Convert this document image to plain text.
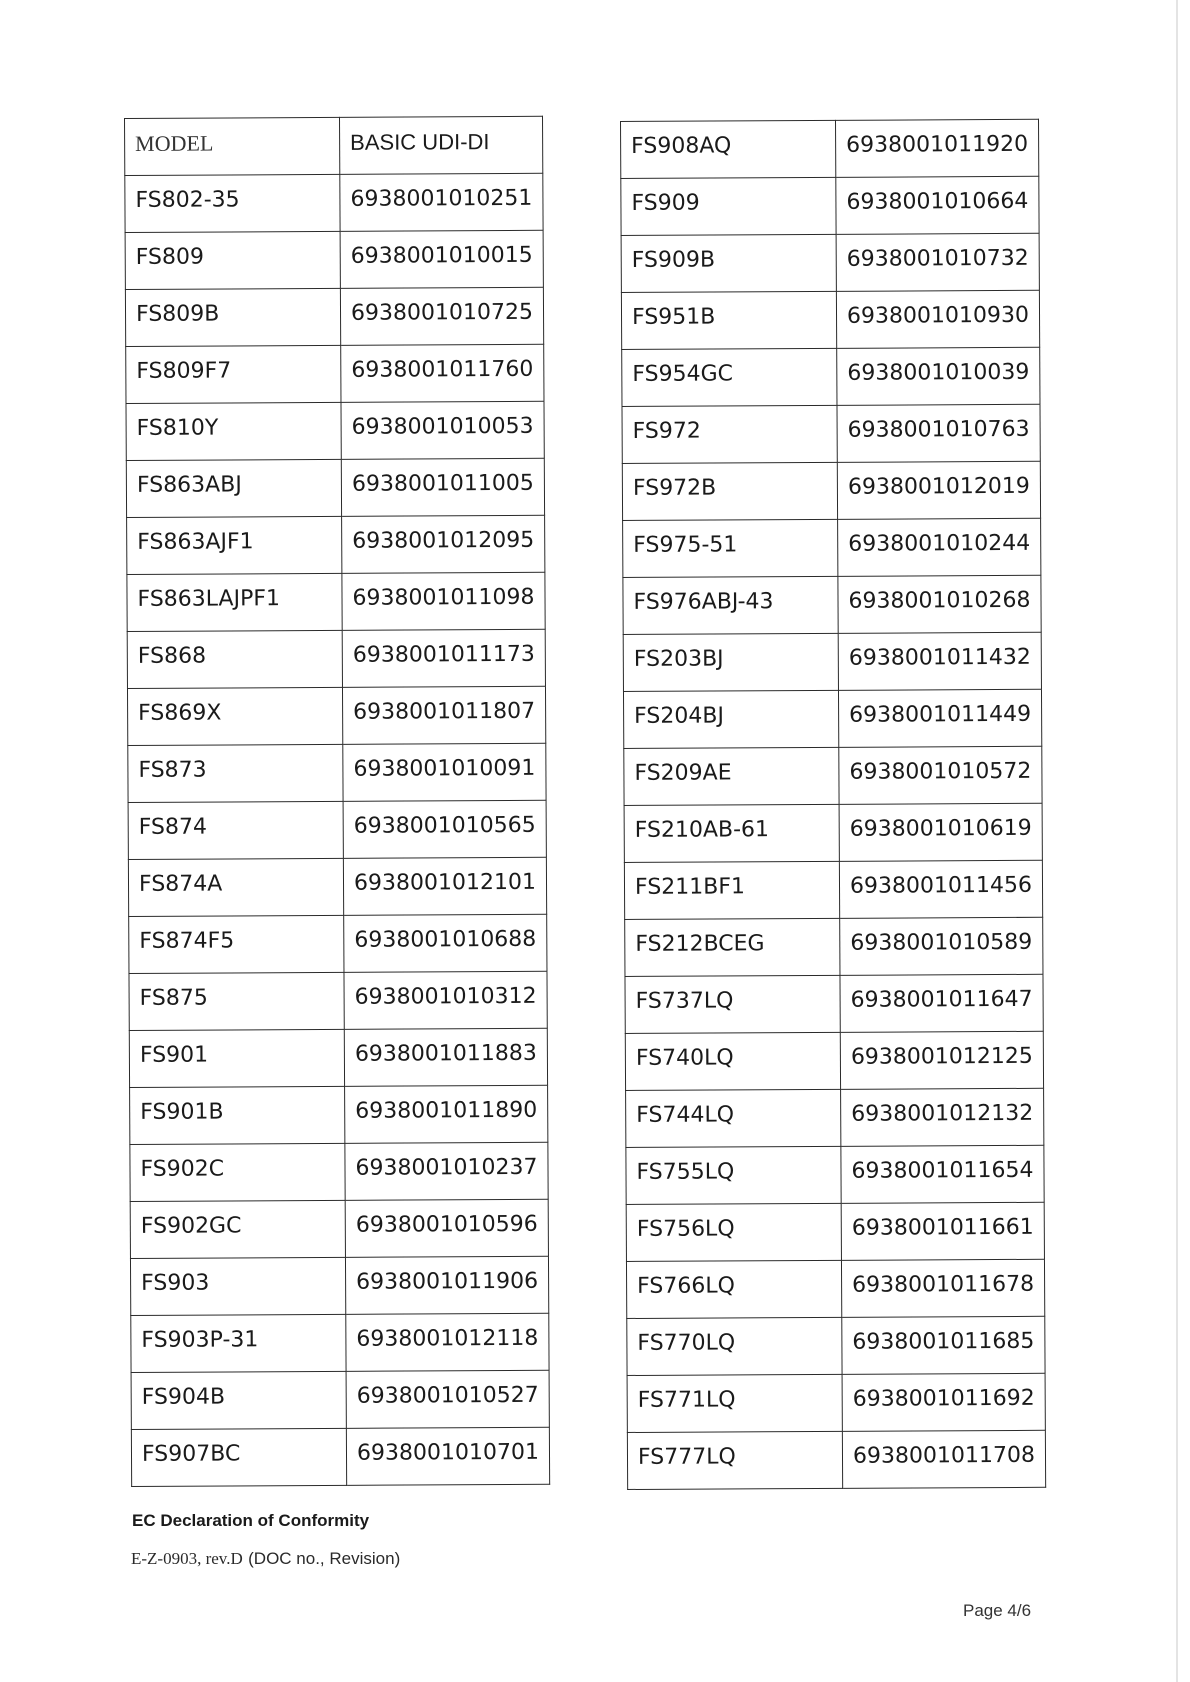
MODEL	BASIC UDI-DI
FS802-35	6938001010251
FS809	6938001010015
FS809B	6938001010725
FS809F7	6938001011760
FS810Y	6938001010053
FS863ABJ	6938001011005
FS863AJF1	6938001012095
FS863LAJPF1	6938001011098
FS868	6938001011173
FS869X	6938001011807
FS873	6938001010091
FS874	6938001010565
FS874A	6938001012101
FS874F5	6938001010688
FS875	6938001010312
FS901	6938001011883
FS901B	6938001011890
FS902C	6938001010237
FS902GC	6938001010596
FS903	6938001011906
FS903P-31	6938001012118
FS904B	6938001010527
FS907BC	6938001010701
FS908AQ	6938001011920
FS909	6938001010664
FS909B	6938001010732
FS951B	6938001010930
FS954GC	6938001010039
FS972	6938001010763
FS972B	6938001012019
FS975-51	6938001010244
FS976ABJ-43	6938001010268
FS203BJ	6938001011432
FS204BJ	6938001011449
FS209AE	6938001010572
FS210AB-61	6938001010619
FS211BF1	6938001011456
FS212BCEG	6938001010589
FS737LQ	6938001011647
FS740LQ	6938001012125
FS744LQ	6938001012132
FS755LQ	6938001011654
FS756LQ	6938001011661
FS766LQ	6938001011678
FS770LQ	6938001011685
FS771LQ	6938001011692
FS777LQ	6938001011708
EC Declaration of Conformity
E-Z-0903, rev.D (DOC no., Revision)
Page 4/6
